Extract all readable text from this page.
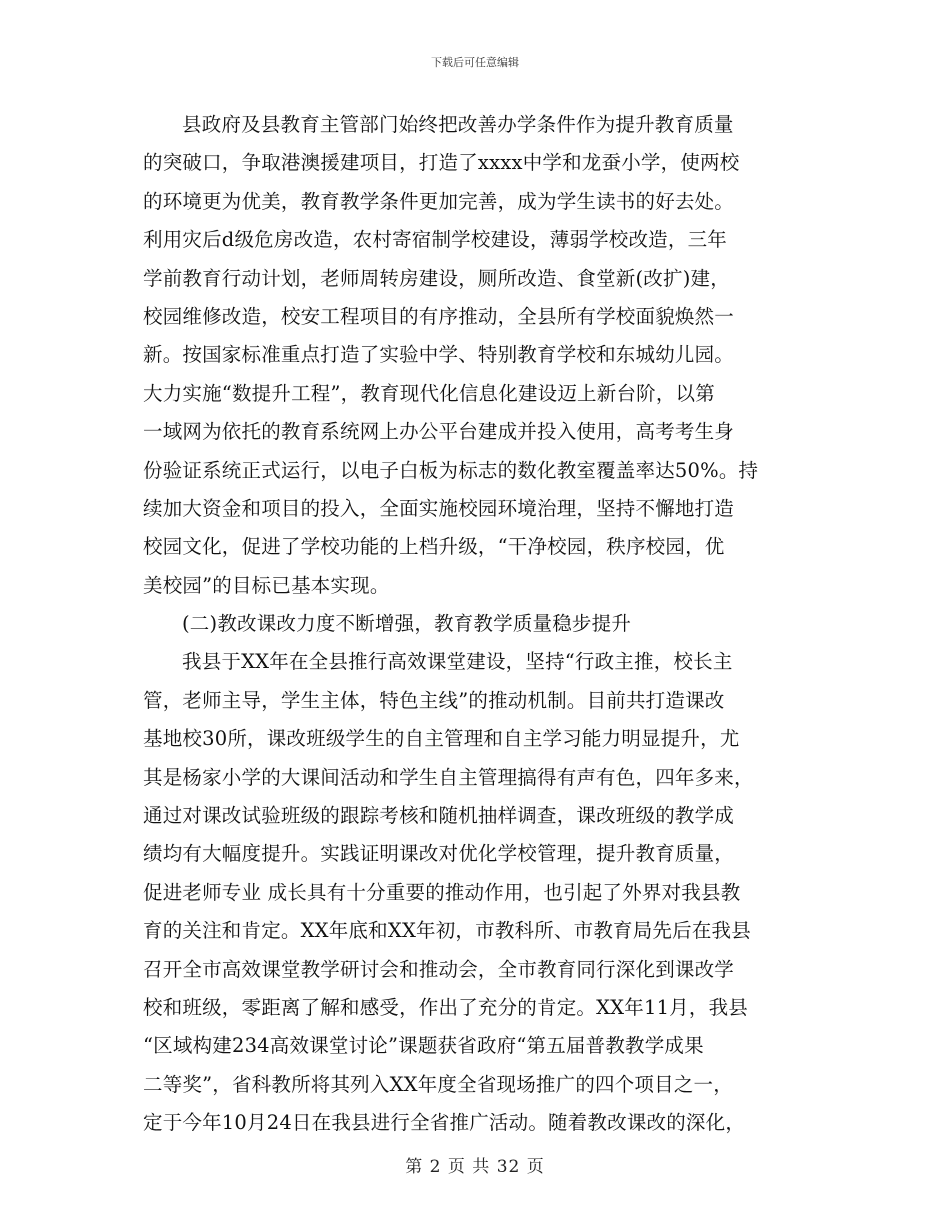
下载后可任意编辑
县政府及县教育主管部门始终把改善办学条件作为提升教育质量
的突破口，争取港澳援建项目，打造了xxxx中学和龙蚕小学，使两校
的环境更为优美，教育教学条件更加完善，成为学生读书的好去处。
利用灾后d级危房改造，农村寄宿制学校建设，薄弱学校改造，三年
学前教育行动计划，老师周转房建设，厕所改造、食堂新(改扩)建，
校园维修改造，校安工程项目的有序推动，全县所有学校面貌焕然一
新。按国家标准重点打造了实验中学、特别教育学校和东城幼儿园。
大力实施“数提升工程”，教育现代化信息化建设迈上新台阶，以第
一域网为依托的教育系统网上办公平台建成并投入使用，高考考生身
份验证系统正式运行，以电子白板为标志的数化教室覆盖率达50%。持
续加大资金和项目的投入，全面实施校园环境治理，坚持不懈地打造
校园文化，促进了学校功能的上档升级，“干净校园，秩序校园，优
美校园”的目标已基本实现。
(二)教改课改力度不断增强，教育教学质量稳步提升
我县于XX年在全县推行高效课堂建设，坚持“行政主推，校长主
管，老师主导，学生主体，特色主线”的推动机制。目前共打造课改
基地校30所，课改班级学生的自主管理和自主学习能力明显提升，尤
其是杨家小学的大课间活动和学生自主管理搞得有声有色，四年多来，
通过对课改试验班级的跟踪考核和随机抽样调查，课改班级的教学成
绩均有大幅度提升。实践证明课改对优化学校管理，提升教育质量，
促进老师专业 成长具有十分重要的推动作用，也引起了外界对我县教
育的关注和肯定。XX年底和XX年初，市教科所、市教育局先后在我县
召开全市高效课堂教学研讨会和推动会，全市教育同行深化到课改学
校和班级，零距离了解和感受，作出了充分的肯定。XX年11月，我县
“区域构建234高效课堂讨论”课题获省政府“第五届普教教学成果
二等奖”，省科教所将其列入XX年度全省现场推广的四个项目之一，
定于今年10月24日在我县进行全省推广活动。随着教改课改的深化，
第 2 页 共 32 页
